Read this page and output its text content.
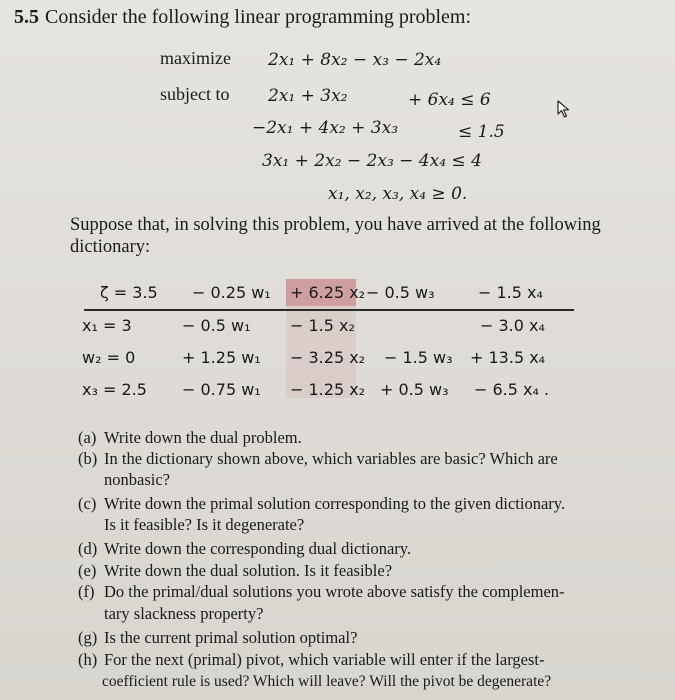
5.5 Consider the following linear programming problem:
maximize 2x₁ + 8x₂ − x₃ − 2x₄
subject to 2x₁ + 3x₂	+ 6x₄ ≤ 6
−2x₁ + 4x₂ + 3x₃	≤ 1.5
3x₁ + 2x₂ − 2x₃ − 4x₄ ≤ 4
x₁, x₂, x₃, x₄ ≥ 0.
Suppose that, in solving this problem, you have arrived at the following
dictionary:
ζ = 3.5 − 0.25 w₁ + 6.25 x₂ − 0.5 w₃	− 1.5 x₄
x₁ = 3	− 0.5 w₁ − 1.5 x₂	− 3.0 x₄
w₂ = 0	+ 1.25 w₁ − 3.25 x₂ − 1.5 w₃ + 13.5 x₄
x₃ = 2.5 − 0.75 w₁ − 1.25 x₂ + 0.5 w₃ − 6.5 x₄ .
(a) Write down the dual problem.
(b) In the dictionary shown above, which variables are basic? Which are
nonbasic?
(c) Write down the primal solution corresponding to the given dictionary.
Is it feasible? Is it degenerate?
(d) Write down the corresponding dual dictionary.
(e) Write down the dual solution. Is it feasible?
(f) Do the primal/dual solutions you wrote above satisfy the complemen-
tary slackness property?
(g) Is the current primal solution optimal?
(h) For the next (primal) pivot, which variable will enter if the largest-
coefficient rule is used? Which will leave? Will the pivot be degenerate?
